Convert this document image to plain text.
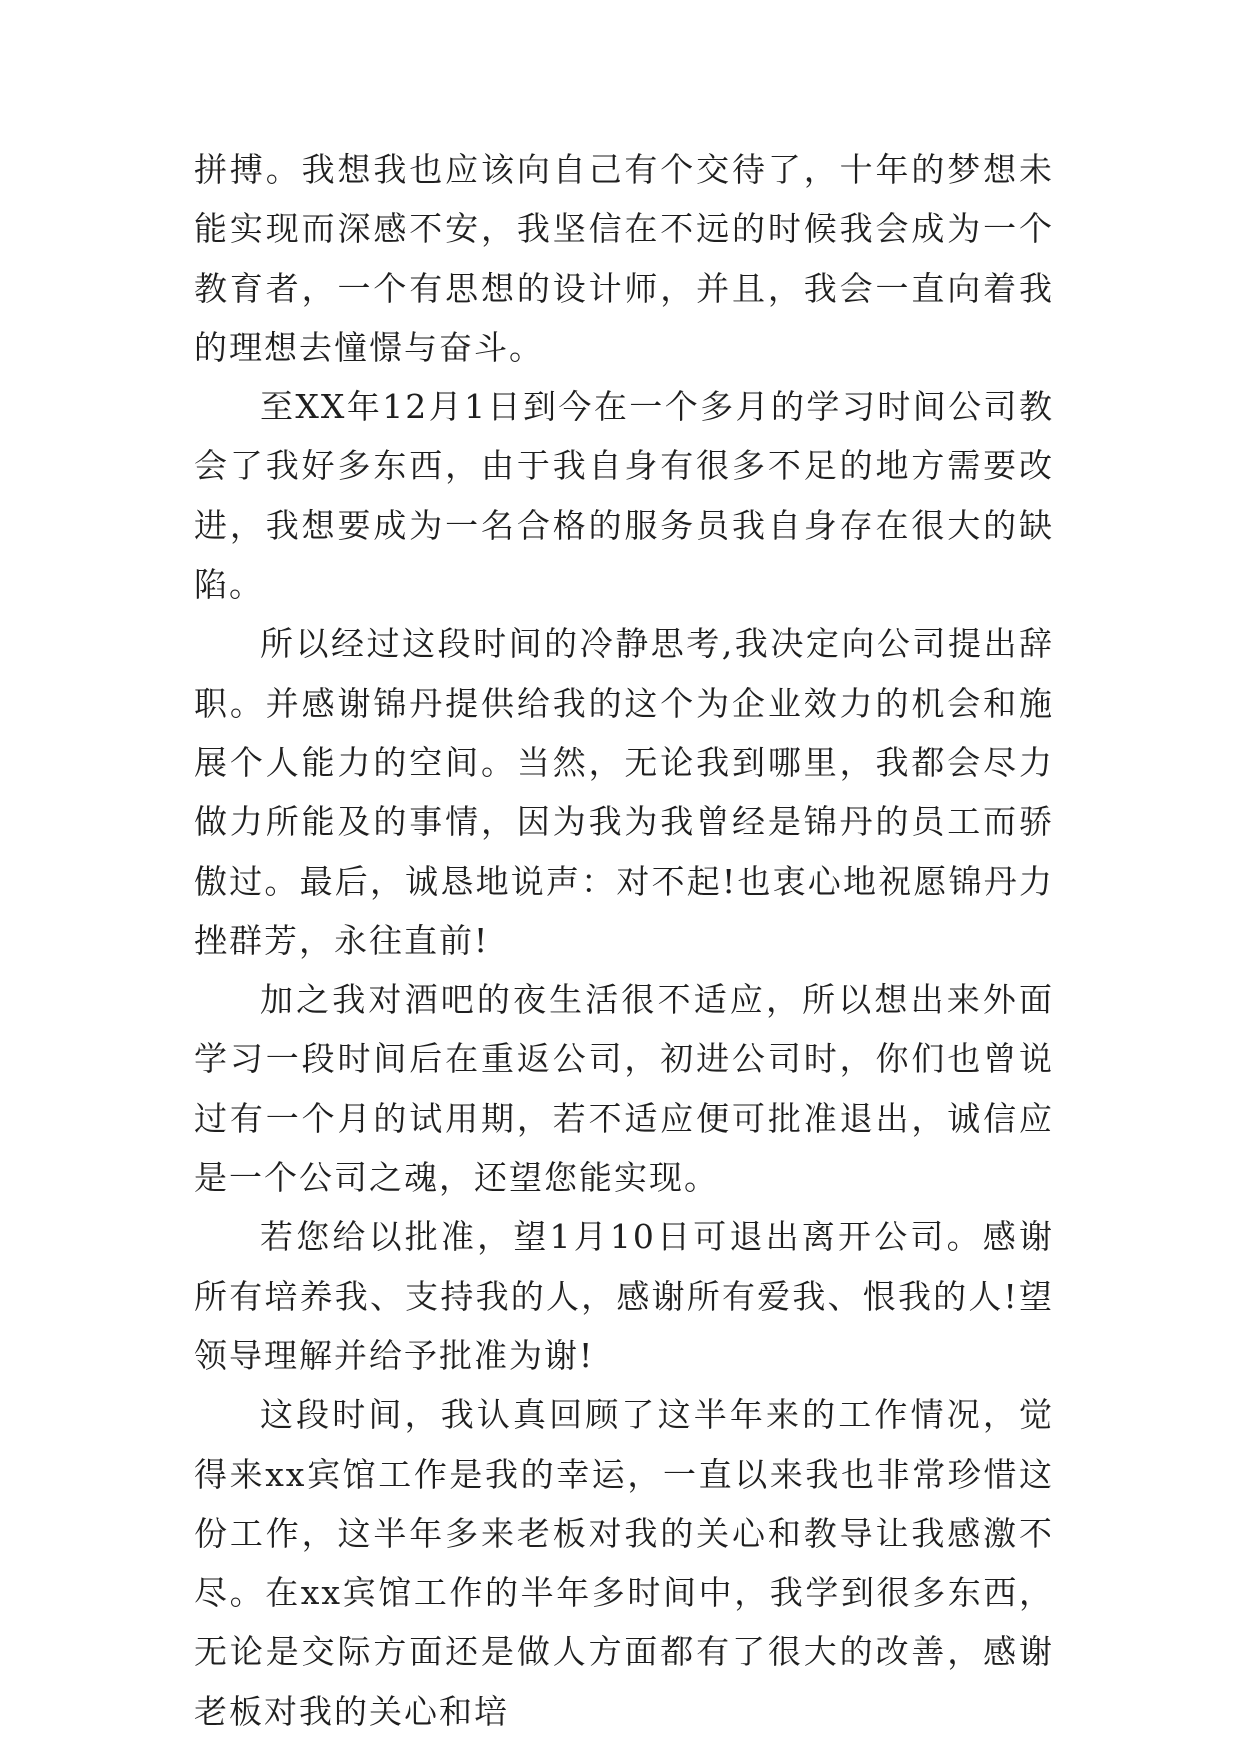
拼搏。我想我也应该向自己有个交待了，十年的梦想未能实现而深感不安，我坚信在不远的时候我会成为一个教育者，一个有思想的设计师，并且，我会一直向着我的理想去憧憬与奋斗。

至XX年12月1日到今在一个多月的学习时间公司教会了我好多东西，由于我自身有很多不足的地方需要改进，我想要成为一名合格的服务员我自身存在很大的缺陷。

所以经过这段时间的冷静思考,我决定向公司提出辞职。并感谢锦丹提供给我的这个为企业效力的机会和施展个人能力的空间。当然，无论我到哪里，我都会尽力做力所能及的事情，因为我为我曾经是锦丹的员工而骄傲过。最后，诚恳地说声：对不起!也衷心地祝愿锦丹力挫群芳，永往直前!

加之我对酒吧的夜生活很不适应，所以想出来外面学习一段时间后在重返公司，初进公司时，你们也曾说过有一个月的试用期，若不适应便可批准退出，诚信应是一个公司之魂，还望您能实现。

若您给以批准，望1月10日可退出离开公司。感谢所有培养我、支持我的人，感谢所有爱我、恨我的人!望领导理解并给予批准为谢!

这段时间，我认真回顾了这半年来的工作情况，觉得来xx宾馆工作是我的幸运，一直以来我也非常珍惜这份工作，这半年多来老板对我的关心和教导让我感激不尽。在xx宾馆工作的半年多时间中，我学到很多东西，无论是交际方面还是做人方面都有了很大的改善，感谢老板对我的关心和培
